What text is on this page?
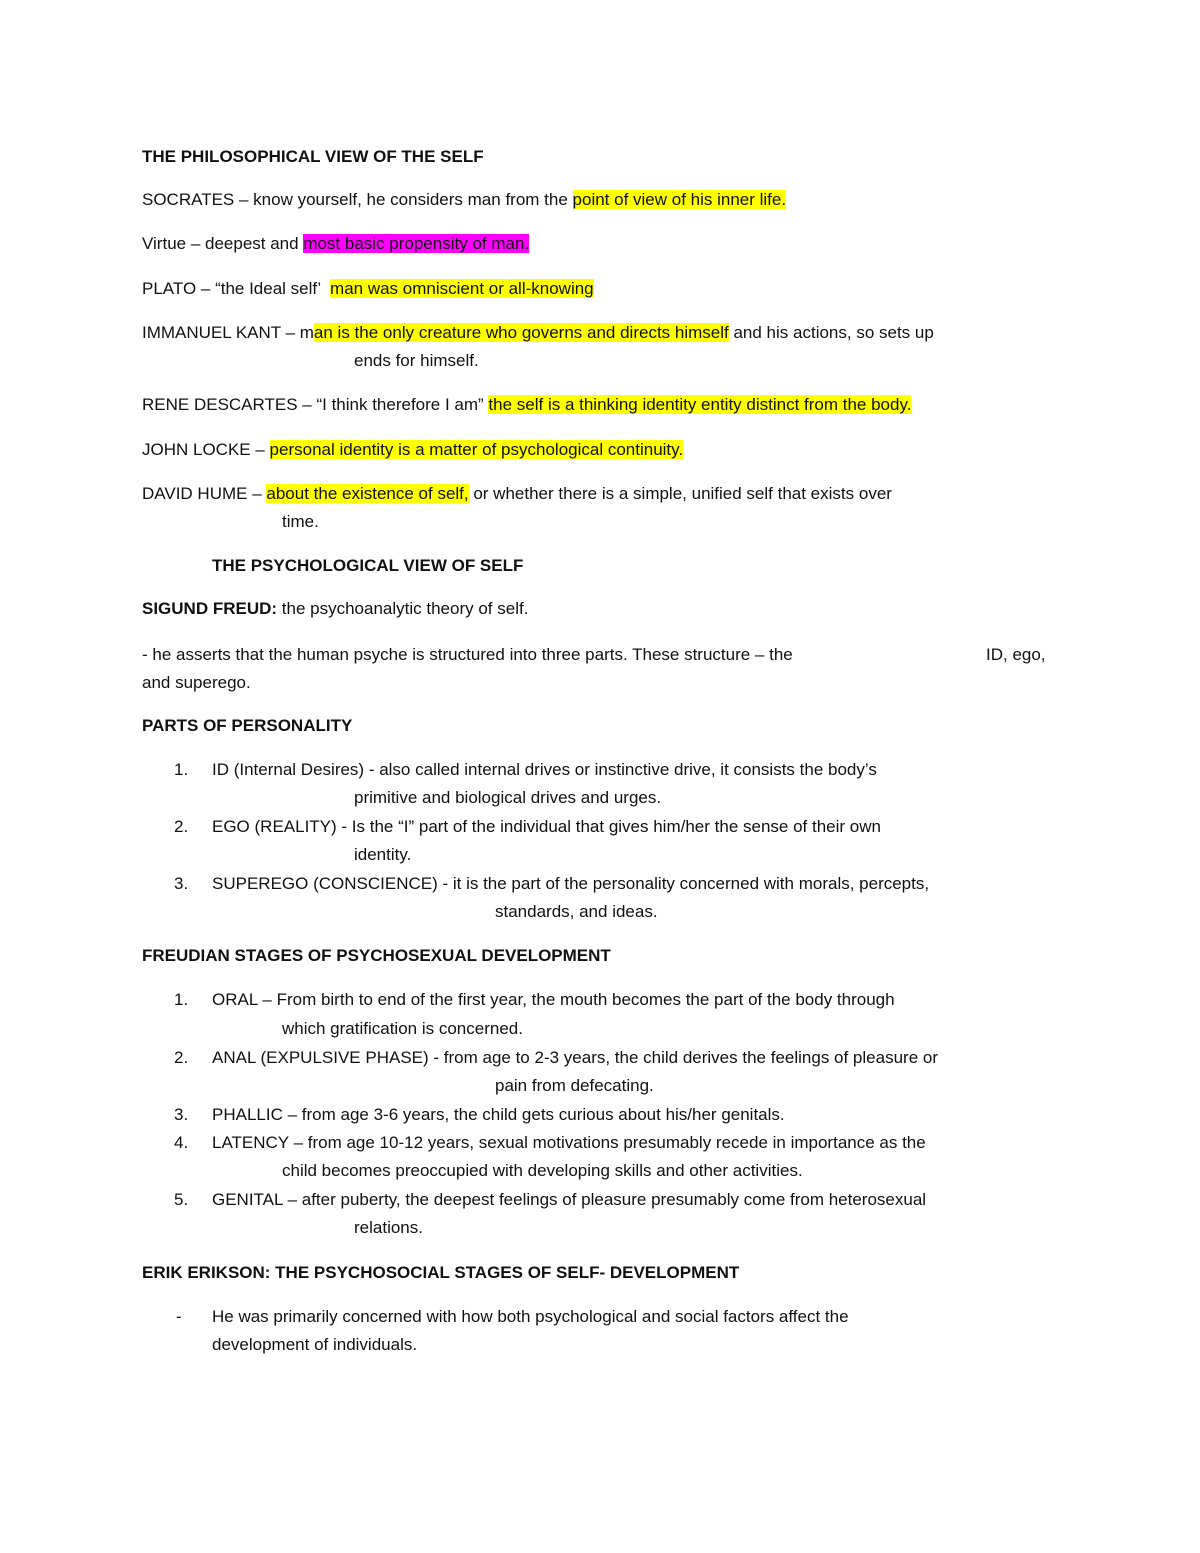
THE PHILOSOPHICAL VIEW OF THE SELF

SOCRATES – know yourself, he considers man from the point of view of his inner life.

Virtue – deepest and most basic propensity of man.

PLATO – “the Ideal self’  man was omniscient or all-knowing

IMMANUEL KANT – man is the only creature who governs and directs himself and his actions, so sets up

ends for himself.

RENE DESCARTES – “I think therefore I am” the self is a thinking identity entity distinct from the body.

JOHN LOCKE – personal identity is a matter of psychological continuity.

DAVID HUME – about the existence of self, or whether there is a simple, unified self that exists over

time.

THE PSYCHOLOGICAL VIEW OF SELF

SIGUND FREUD: the psychoanalytic theory of self.

- he asserts that the human psyche is structured into three parts. These structure – the	ID, ego,

and superego.

PARTS OF PERSONALITY

1. ID (Internal Desires) - also called internal drives or instinctive drive, it consists the body’s

primitive and biological drives and urges.

2. EGO (REALITY) - Is the “I” part of the individual that gives him/her the sense of their own

identity.

3. SUPEREGO (CONSCIENCE) - it is the part of the personality concerned with morals, percepts,

standards, and ideas.

FREUDIAN STAGES OF PSYCHOSEXUAL DEVELOPMENT

1. ORAL – From birth to end of the first year, the mouth becomes the part of the body through

which gratification is concerned.

2. ANAL (EXPULSIVE PHASE) - from age to 2-3 years, the child derives the feelings of pleasure or

pain from defecating.

3. PHALLIC – from age 3-6 years, the child gets curious about his/her genitals.

4. LATENCY – from age 10-12 years, sexual motivations presumably recede in importance as the

child becomes preoccupied with developing skills and other activities.

5. GENITAL – after puberty, the deepest feelings of pleasure presumably come from heterosexual

relations.

ERIK ERIKSON: THE PSYCHOSOCIAL STAGES OF SELF- DEVELOPMENT

- He was primarily concerned with how both psychological and social factors affect the

development of individuals.
